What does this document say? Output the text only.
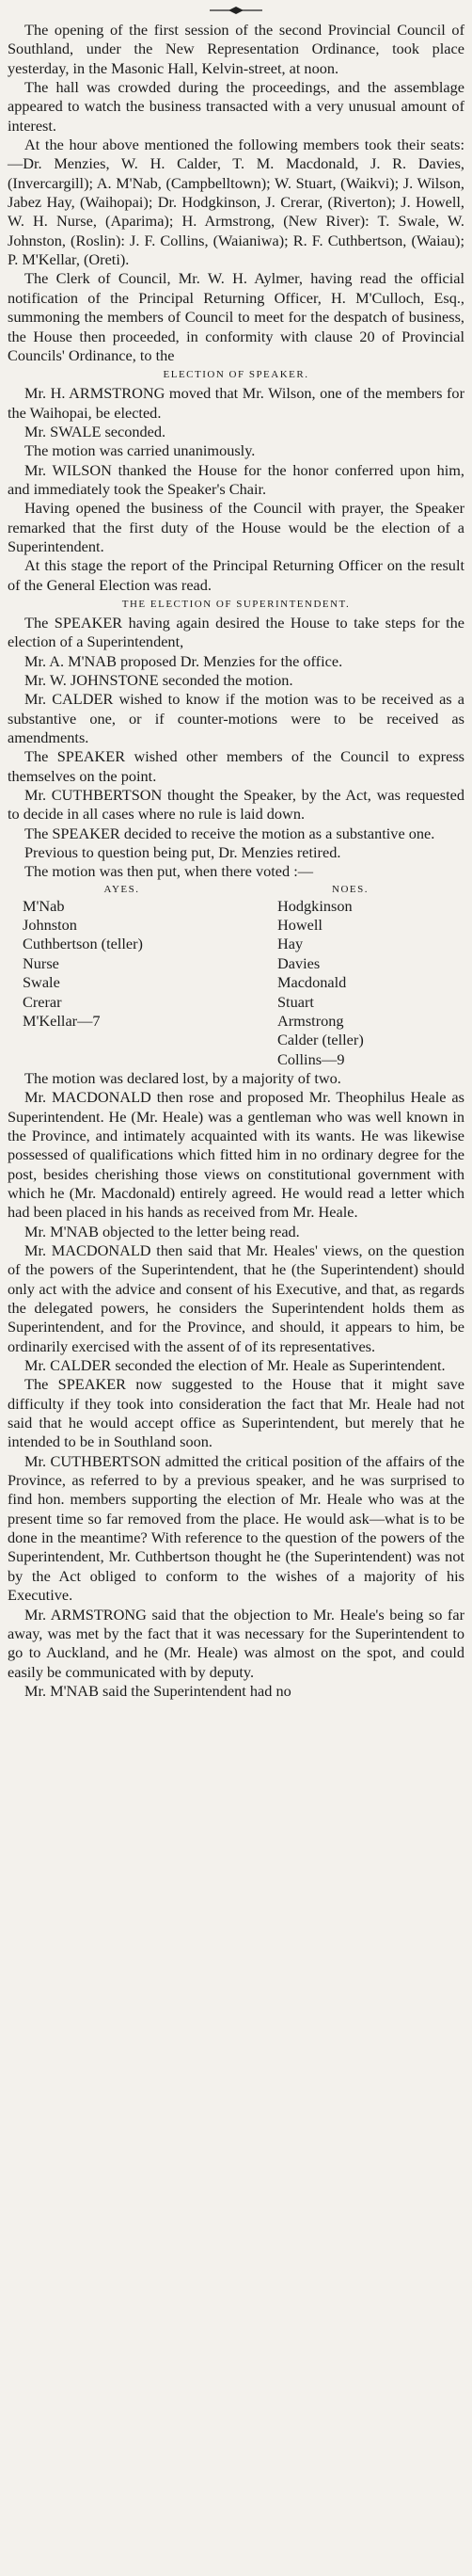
The opening of the first session of the second Provincial Council of Southland, under the New Representation Ordinance, took place yesterday, in the Masonic Hall, Kelvin-street, at noon.

The hall was crowded during the proceedings, and the assemblage appeared to watch the business transacted with a very unusual amount of interest.

At the hour above mentioned the following members took their seats:—Dr. Menzies, W. H. Calder, T. M. Macdonald, J. R. Davies, (Invercargill); A. M'Nab, (Campbelltown); W. Stuart, (Waikvi); J. Wilson, Jabez Hay, (Waihopai); Dr. Hodgkinson, J. Crerar, (Riverton); J. Howell, W. H. Nurse, (Aparima); H. Armstrong, (New River): T. Swale, W. Johnston, (Roslin): J. F. Collins, (Waianiwa); R. F. Cuthbertson, (Waiau); P. M'Kellar, (Oreti).

The Clerk of Council, Mr. W. H. Aylmer, having read the official notification of the Principal Returning Officer, H. M'Culloch, Esq., summoning the members of Council to meet for the despatch of business, the House then proceeded, in conformity with clause 20 of Provincial Councils' Ordinance, to the

ELECTION OF SPEAKER.

Mr. H. ARMSTRONG moved that Mr. Wilson, one of the members for the Waihopai, be elected.

Mr. SWALE seconded.

The motion was carried unanimously.

Mr. WILSON thanked the House for the honor conferred upon him, and immediately took the Speaker's Chair.

Having opened the business of the Council with prayer, the Speaker remarked that the first duty of the House would be the election of a Superintendent.

At this stage the report of the Principal Returning Officer on the result of the General Election was read.

THE ELECTION OF SUPERINTENDENT.

The SPEAKER having again desired the House to take steps for the election of a Superintendent,

Mr. A. M'NAB proposed Dr. Menzies for the office.

Mr. W. JOHNSTONE seconded the motion.

Mr. CALDER wished to know if the motion was to be received as a substantive one, or if counter-motions were to be received as amendments.

The SPEAKER wished other members of the Council to express themselves on the point.

Mr. CUTHBERTSON thought the Speaker, by the Act, was requested to decide in all cases where no rule is laid down.

The SPEAKER decided to receive the motion as a substantive one.

Previous to question being put, Dr. Menzies retired.

The motion was then put, when there voted :—

AYES.	NOES.
M'Nab
Johnston
Cuthbertson (teller)
Nurse
Swale
Crerar
M'Kellar—7
Hodgkinson
Howell
Hay
Davies
Macdonald
Stuart
Armstrong
Calder (teller)
Collins—9

The motion was declared lost, by a majority of two.

Mr. MACDONALD then rose and proposed Mr. Theophilus Heale as Superintendent. He (Mr. Heale) was a gentleman who was well known in the Province, and intimately acquainted with its wants. He was likewise possessed of qualifications which fitted him in no ordinary degree for the post, besides cherishing those views on constitutional government with which he (Mr. Macdonald) entirely agreed. He would read a letter which had been placed in his hands as received from Mr. Heale.

Mr. M'NAB objected to the letter being read.

Mr. MACDONALD then said that Mr. Heales' views, on the question of the powers of the Superintendent, that he (the Superintendent) should only act with the advice and consent of his Executive, and that, as regards the delegated powers, he considers the Superintendent holds them as Superintendent, and for the Province, and should, it appears to him, be ordinarily exercised with the assent of of its representatives.

Mr. CALDER seconded the election of Mr. Heale as Superintendent.

The SPEAKER now suggested to the House that it might save difficulty if they took into consideration the fact that Mr. Heale had not said that he would accept office as Superintendent, but merely that he intended to be in Southland soon.

Mr. CUTHBERTSON admitted the critical position of the affairs of the Province, as referred to by a previous speaker, and he was surprised to find hon. members supporting the election of Mr. Heale who was at the present time so far removed from the place. He would ask—what is to be done in the meantime? With reference to the question of the powers of the Superintendent, Mr. Cuthbertson thought he (the Superintendent) was not by the Act obliged to conform to the wishes of a majority of his Executive.

Mr. ARMSTRONG said that the objection to Mr. Heale's being so far away, was met by the fact that it was necessary for the Superintendent to go to Auckland, and he (Mr. Heale) was almost on the spot, and could easily be communicated with by deputy.

Mr. M'NAB said the Superintendent had no
